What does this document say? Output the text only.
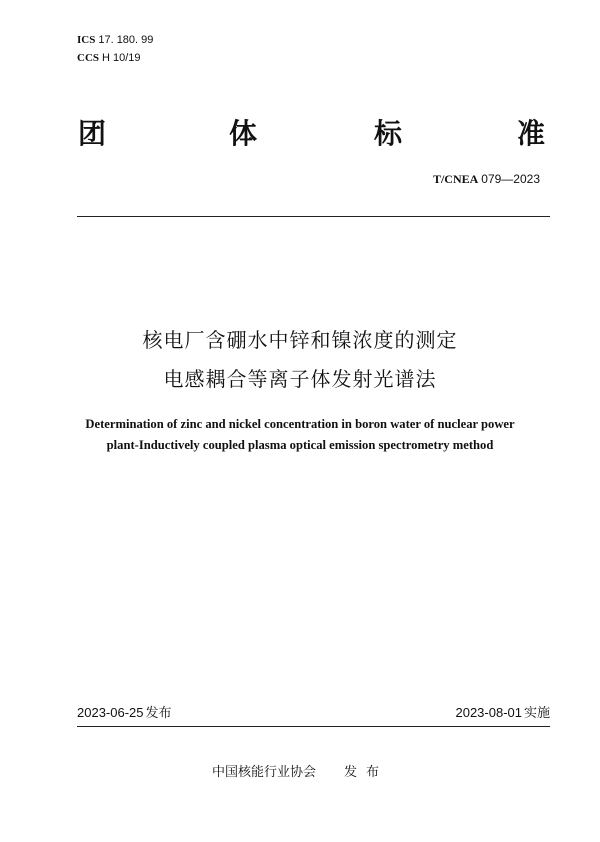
ICS 17. 180. 99
CCS H 10/19
团	体	标	准
T/CNEA 079—2023
核电厂含硼水中锌和镍浓度的测定
电感耦合等离子体发射光谱法
Determination of zinc and nickel concentration in boron water of nuclear power
plant-Inductively coupled plasma optical emission spectrometry method
2023-06-25 发布	2023-08-01 实施
中国核能行业协会 发布
